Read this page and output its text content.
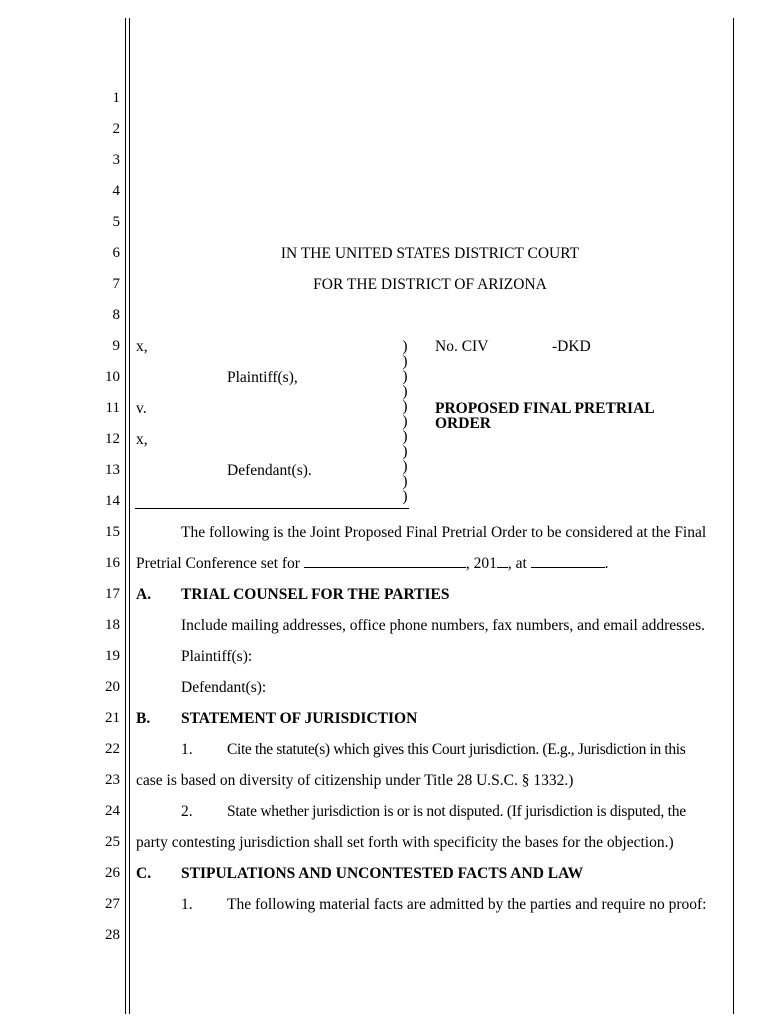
1
2
3
4
5
6
7
8
9
10
11
12
13
14
15
16
17
18
19
20
21
22
23
24
25
26
27
28
IN THE UNITED STATES DISTRICT COURT
FOR THE DISTRICT OF ARIZONA
x,
Plaintiff(s),
v.
x,
Defendant(s).
)
)
)
)
)
)
)
)
)
)
)
No. CIV	-DKD
PROPOSED FINAL PRETRIAL
ORDER
The following is the Joint Proposed Final Pretrial Order to be considered at the Final
Pretrial Conference set for	, 201 , at	.
A. TRIAL COUNSEL FOR THE PARTIES
Include mailing addresses, office phone numbers, fax numbers, and email addresses.
Plaintiff(s):
Defendant(s):
B. STATEMENT OF JURISDICTION
1. Cite the statute(s) which gives this Court jurisdiction. (E.g., Jurisdiction in this
case is based on diversity of citizenship under Title 28 U.S.C. § 1332.)
2. State whether jurisdiction is or is not disputed. (If jurisdiction is disputed, the
party contesting jurisdiction shall set forth with specificity the bases for the objection.)
C. STIPULATIONS AND UNCONTESTED FACTS AND LAW
1. The following material facts are admitted by the parties and require no proof:
